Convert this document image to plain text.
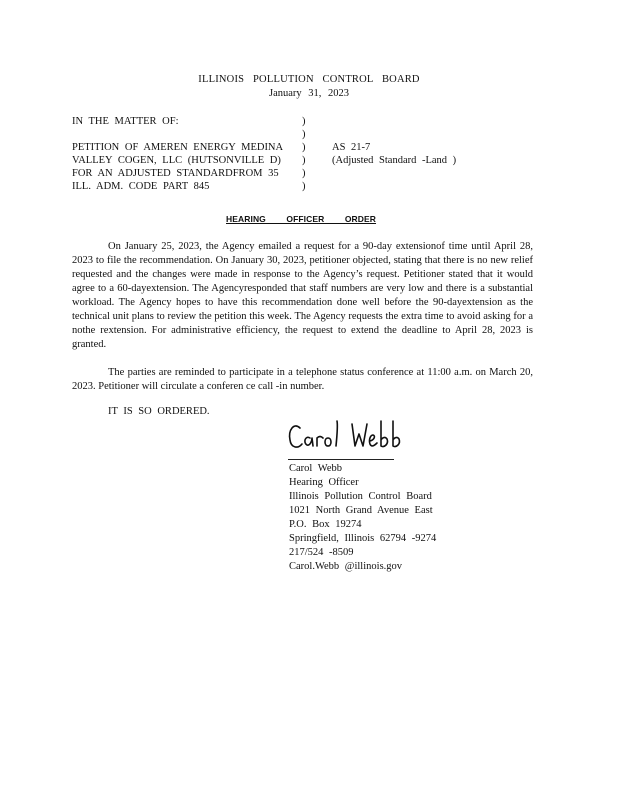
ILLINOIS POLLUTION CONTROL BOARD
January 31, 2023
IN THE MATTER OF:
PETITION OF AMEREN ENERGY MEDINA
VALLEY COGEN, LLC (HUTSONVILLE D)
FOR AN ADJUSTED STANDARDFROM 35
ILL. ADM. CODE PART 845
)
)
)
)
)
)
AS 21-7
(Adjusted Standard -Land )
HEARING OFFICER ORDER
On January 25, 2023, the Agency emailed a request for a 90-day extensionof time until April 28, 2023 to file the recommendation. On January 30, 2023, petitioner objected, stating that there is no new relief requested and the changes were made in response to the Agency’s request. Petitioner stated that it would agree to a 60-dayextension. The Agencyresponded that staff numbers are very low and there is a substantial workload. The Agency hopes to have this recommendation done well before the 90-dayextension as the technical unit plans to review the petition this week. The Agency requests the extra time to avoid asking for a nothe rextension. For administrative efficiency, the request to extend the deadline to April 28, 2023 is granted.
The parties are reminded to participate in a telephone status conference at 11:00 a.m. on March 20, 2023. Petitioner will circulate a conferen ce call -in number.
IT IS SO ORDERED.
Carol Webb
Hearing Officer
Illinois Pollution Control Board
1021 North Grand Avenue East
P.O. Box 19274
Springfield, Illinois 62794 -9274
217/524 -8509
Carol.Webb @illinois.gov
